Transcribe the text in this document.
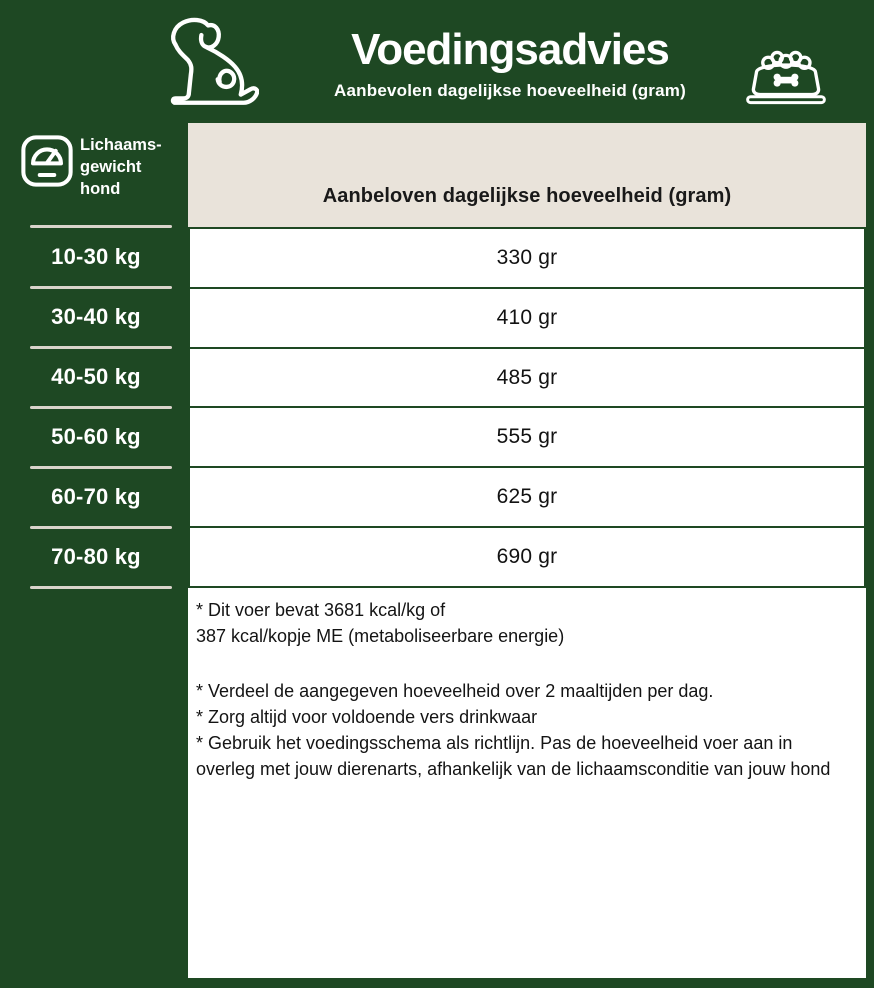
Voedingsadvies

Aanbevolen dagelijkse hoeveelheid (gram)

Lichaams-
gewicht
hond
10-30 kg
30-40 kg
40-50 kg
50-60 kg
60-70 kg
70-80 kg
Aanbeloven dagelijkse hoeveelheid (gram)
330 gr
410 gr
485 gr
555 gr
625 gr
690 gr

* Dit voer bevat 3681 kcal/kg of

387 kcal/kopje ME (metaboliseerbare energie)

* Verdeel de aangegeven hoeveelheid over 2 maaltijden per dag.

* Zorg altijd voor voldoende vers drinkwaar

* Gebruik het voedingsschema als richtlijn. Pas de hoeveelheid voer aan in overleg met jouw dierenarts, afhankelijk van de lichaamsconditie van jouw hond
